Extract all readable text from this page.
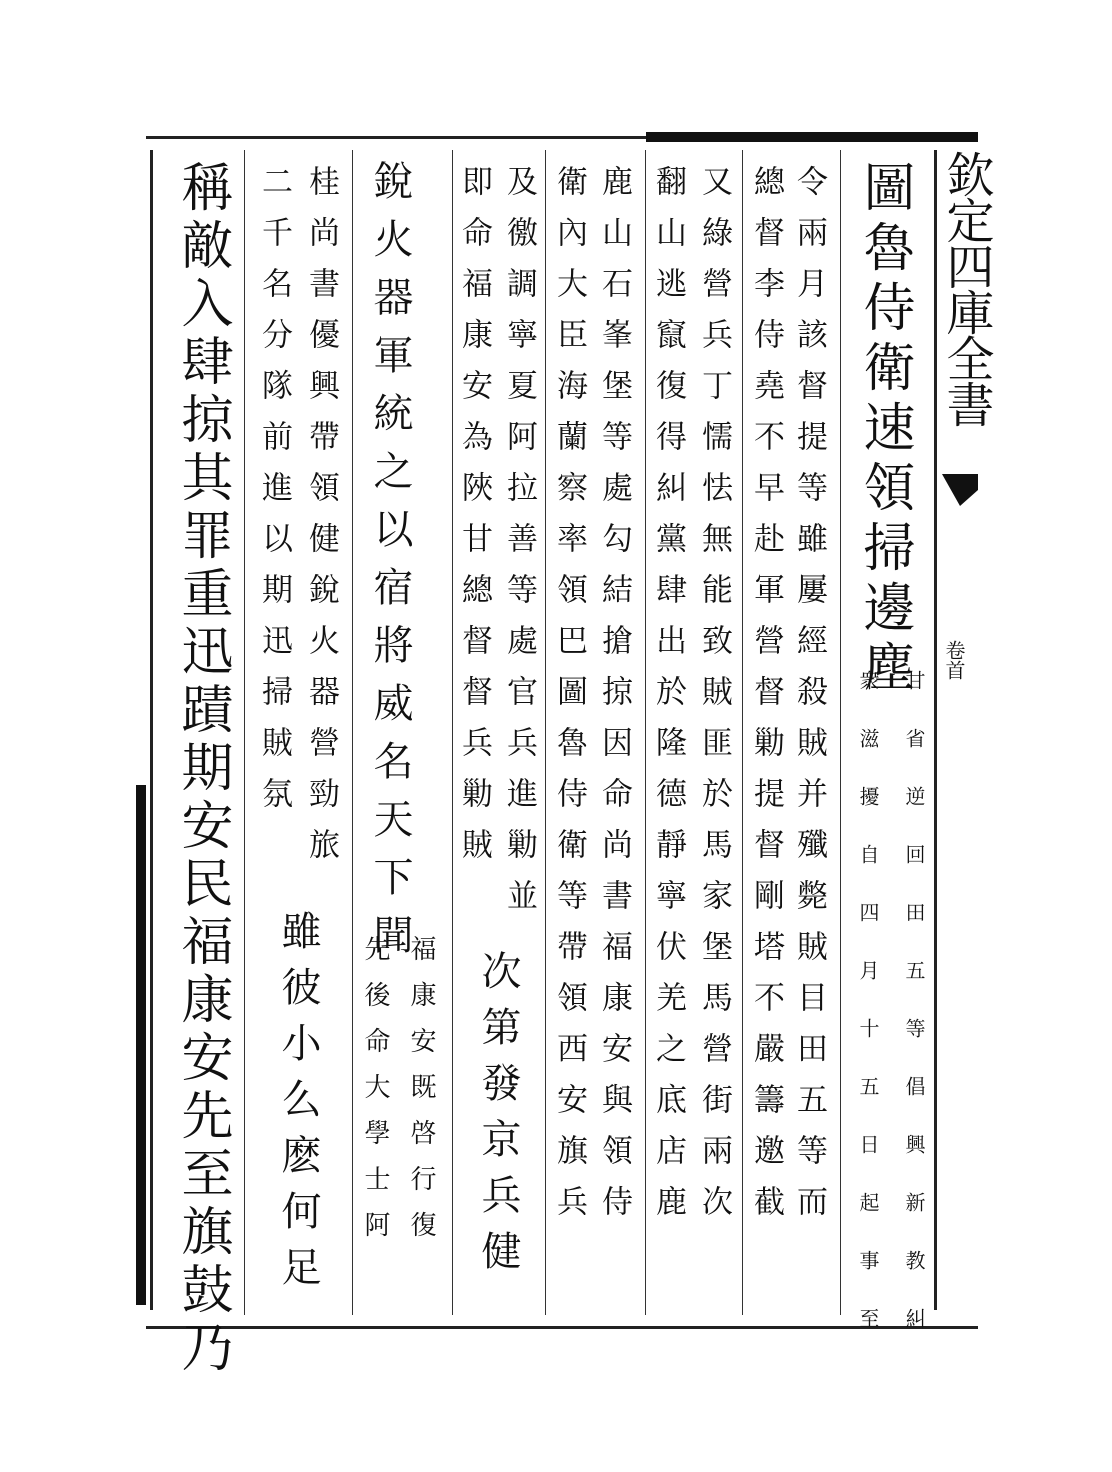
欽定四庫全書
卷首
圖魯侍衛速領掃邊塵
甘省逆回田五等倡興新教糾
衆滋擾自四月十五日起事至
令兩月該督提等雖屢經殺賊并殲斃賊目田五等而
總督李侍堯不早赴軍營督勦提督剛塔不嚴籌邀截
又綠營兵丁懦怯無能致賊匪於馬家堡馬營街兩次
翻山逃竄復得糾黨肆出於隆德靜寧伏羌之底店鹿
鹿山石峯堡等處勾結搶掠因命尚書福康安與領侍
衛內大臣海蘭察率領巴圖魯侍衛等帶領西安旗兵
及徼調寧夏阿拉善等處官兵進勦並
即命福康安為陜甘總督督兵勦賊
次第發京兵健
銳火器軍統之以宿將威名天下聞
福康安既啓行復
先後命大學士阿
桂尚書優興帶領健銳火器營勁旅
二千名分隊前進以期迅掃賊氛
雖彼小么麽何足
稱敵入肆掠其罪重迅蹟期安民福康安先至旗鼓乃
